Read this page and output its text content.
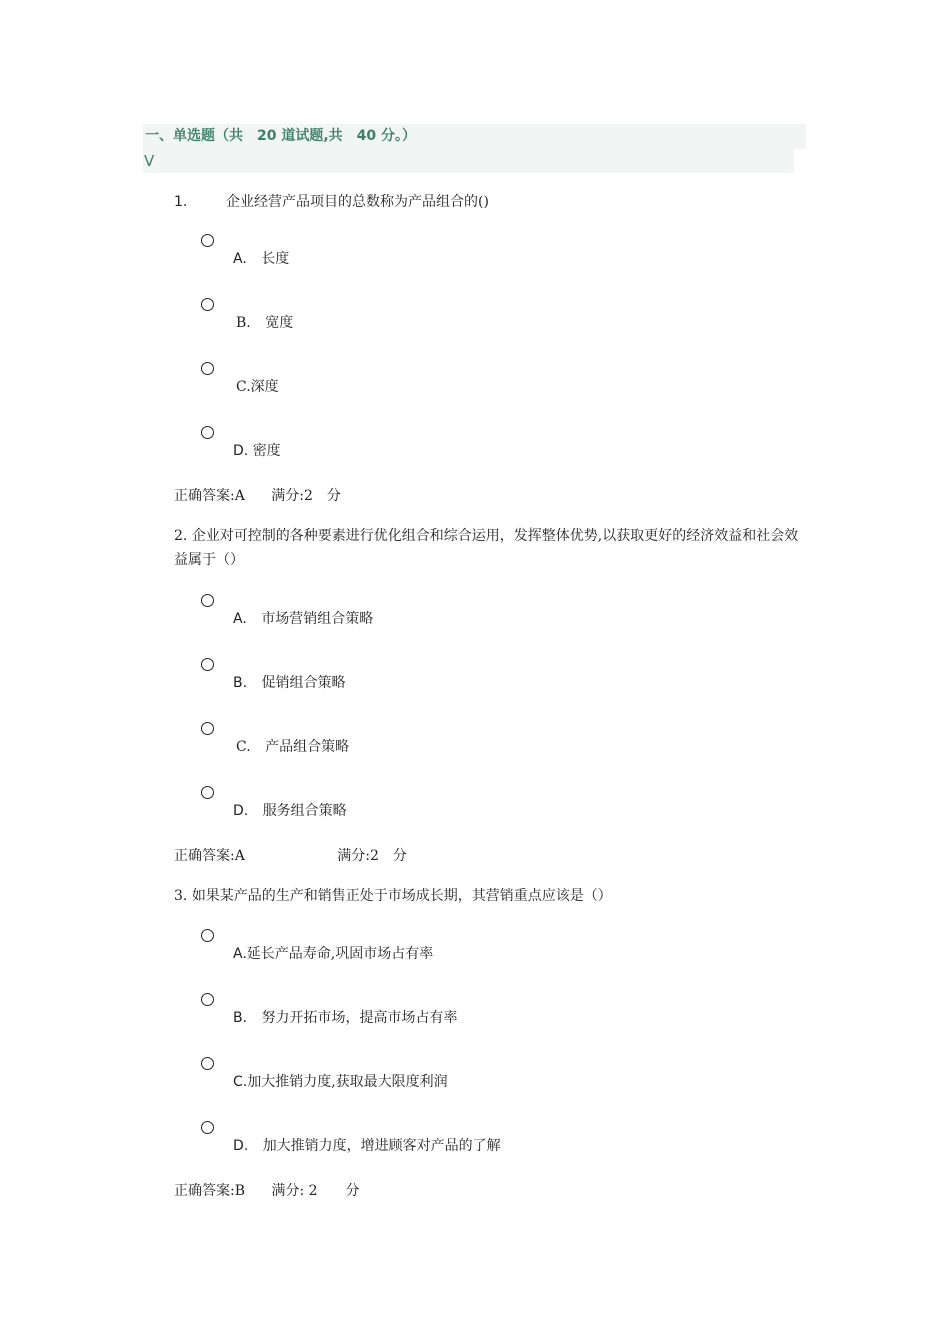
一、单选题（共　20 道试题,共　40 分。）
V
1.	企业经营产品项目的总数称为产品组合的()
A. 长度
B. 宽度
C.深度
D. 密度
正确答案:A 满分:2　分
2. 企业对可控制的各种要素进行优化组合和综合运用，发挥整体优势,以获取更好的经济效益和社会效益属于（）
A. 市场营销组合策略
B. 促销组合策略
C. 产品组合策略
D. 服务组合策略
正确答案:A	满分:2　分
3. 如果某产品的生产和销售正处于市场成长期，其营销重点应该是（）
A.延长产品寿命,巩固市场占有率
B. 努力开拓市场，提高市场占有率
C.加大推销力度,获取最大限度利润
D. 加大推销力度，增进顾客对产品的了解
正确答案:B 满分: 2　　分
